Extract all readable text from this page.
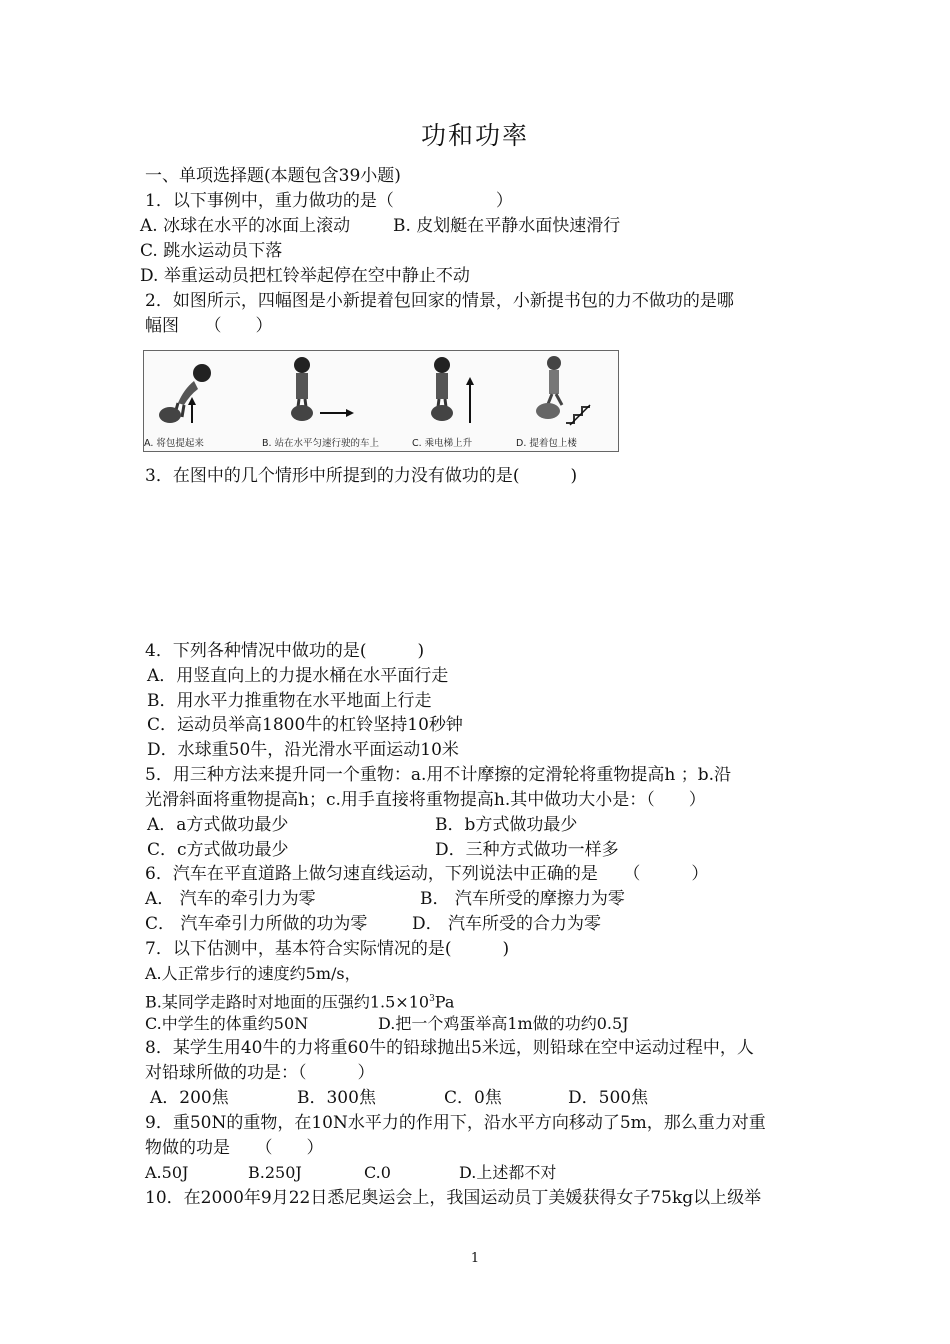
功和功率
一、单项选择题(本题包含39小题)
1．以下事例中，重力做功的是（　　　　　　）
A. 冰球在水平的冰面上滚动	B. 皮划艇在平静水面快速滑行
C. 跳水运动员下落
D. 举重运动员把杠铃举起停在空中静止不动
2．如图所示，四幅图是小新提着包回家的情景，小新提书包的力不做功的是哪
幅图　　（　　）
A. 将包提起来	B. 站在水平匀速行驶的车上	C. 乘电梯上升	D. 提着包上楼
3．在图中的几个情形中所提到的力没有做功的是(　　　)
4．下列各种情况中做功的是(　　　)
A．用竖直向上的力提水桶在水平面行走
B．用水平力推重物在水平地面上行走
C．运动员举高1800牛的杠铃坚持10秒钟
D．水球重50牛，沿光滑水平面运动10米
5．用三种方法来提升同一个重物：a.用不计摩擦的定滑轮将重物提高h ；b.沿
光滑斜面将重物提高h；c.用手直接将重物提高h.其中做功大小是：（　　）
A．a方式做功最少	B．b方式做功最少
C．c方式做功最少	D．三种方式做功一样多
6．汽车在平直道路上做匀速直线运动，下列说法中正确的是　　（　　　）
A． 汽车的牵引力为零	B． 汽车所受的摩擦力为零
C． 汽车牵引力所做的功为零	D． 汽车所受的合力为零
7．以下估测中，基本符合实际情况的是(　　　)
A.人正常步行的速度约5m/s，
B.某同学走路时对地面的压强约$1.5\times 10^3Pa$
C.中学生的体重约50N	D.把一个鸡蛋举高1m做的功约0.5J
8．某学生用40牛的力将重60牛的铅球抛出5米远，则铅球在空中运动过程中，人
对铅球所做的功是：（　　　）
A．200焦	B．300焦	C．0焦	D．500焦
9．重50N的重物，在10N水平力的作用下，沿水平方向移动了5m，那么重力对重
物做的功是　　（　　）
A.50J	B.250J	C.0	D.上述都不对
10．在2000年9月22日悉尼奥运会上，我国运动员丁美媛获得女子75kg以上级举
1
